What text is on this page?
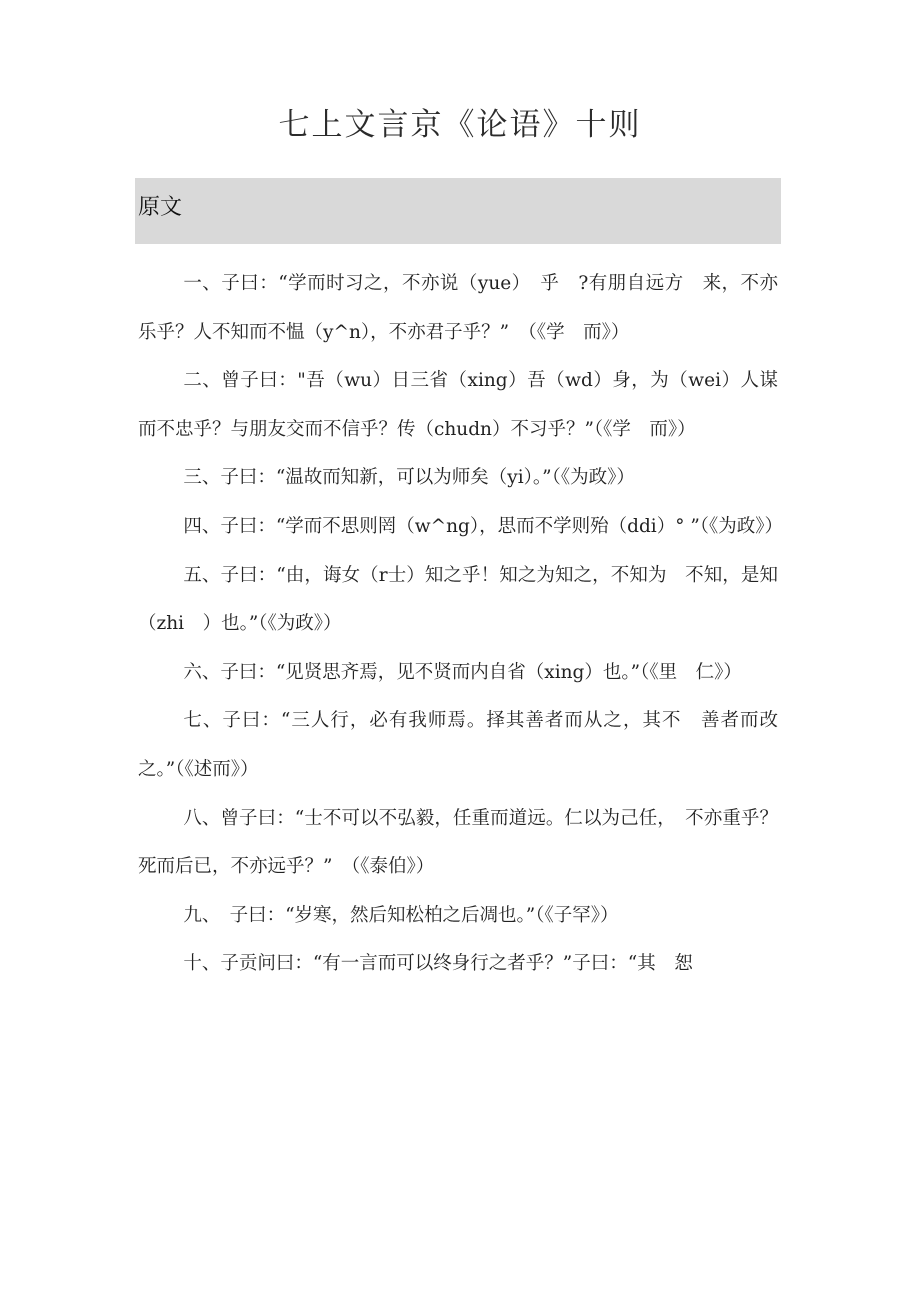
七上文言京《论语》十则
原文

一、子曰：“学而时习之，不亦说（yue）　乎　?有朋自远方　来，不亦乐乎？人不知而不愠（y^n），不亦君子乎？”　（《学　而》）

二、曾子曰："吾（wu）日三省（xing）吾（wd）身，为（wei）人谋而不忠乎？与朋友交而不信乎？传（chudn）不习乎？”（《学　而》）

三、子曰：“温故而知新，可以为师矣（yi）。”（《为政》）

四、子曰：“学而不思则罔（w^ng），思而不学则殆（ddi）° ”（《为政》）

五、子曰：“由，诲女（r士）知之乎！知之为知之，不知为　不知，是知（zhi　）也。”（《为政》）

六、子曰：“见贤思齐焉，见不贤而内自省（xing）也。”（《里　仁》）

七、子曰：“三人行，必有我师焉。择其善者而从之，其不　善者而改之。”（《述而》）

八、曾子曰：“士不可以不弘毅，任重而道远。仁以为己任，　不亦重乎？死而后已，不亦远乎？”　（《泰伯》）

九、　子曰：“岁寒，然后知松柏之后凋也。”（《子罕》）

十、子贡问曰：“有一言而可以终身行之者乎？”子曰：“其　恕
